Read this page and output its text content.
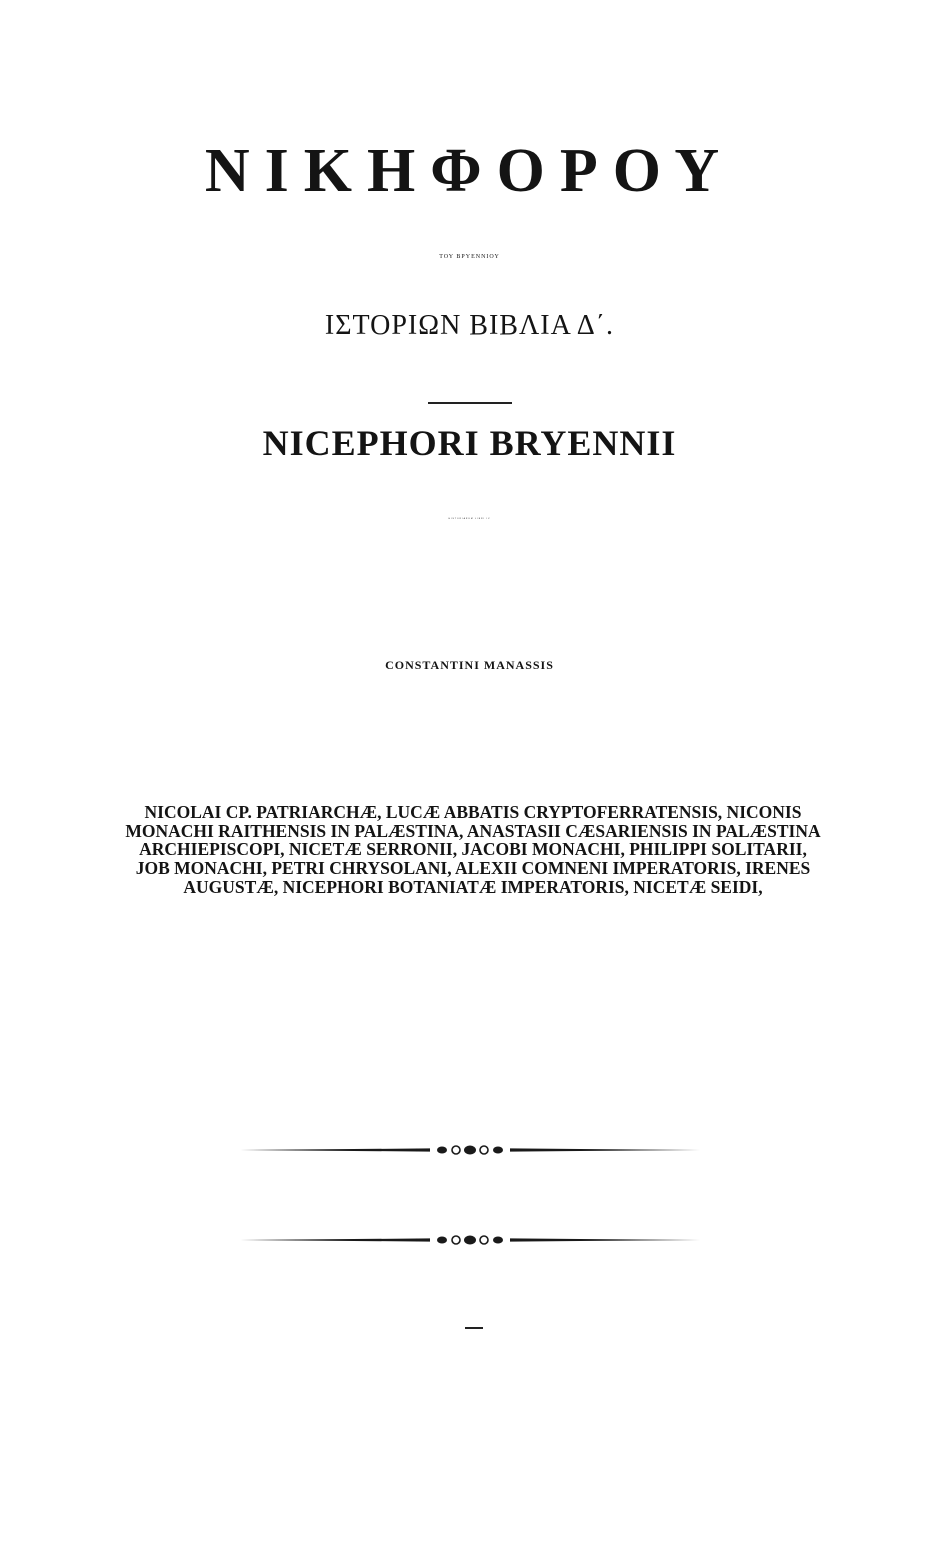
ΝΙΚΗΦΟΡΟΥ
ΤΟΥ ΒΡΥΕΝΝΙΟΥ
ΙΣΤΟΡΙΩΝ ΒΙΒΛΙΑ Δ΄.
NICEPHORI BRYENNII
HISTORIARUM LIBRI IV
CONSTANTINI MANASSIS
NICOLAI CP. PATRIARCHÆ, LUCÆ ABBATIS CRYPTOFERRATENSIS, NICONIS
MONACHI RAITHENSIS IN PALÆSTINA, ANASTASII CÆSARIENSIS IN PALÆSTINA
ARCHIEPISCOPI, NICETÆ SERRONII, JACOBI MONACHI, PHILIPPI SOLITARII,
JOB MONACHI, PETRI CHRYSOLANI, ALEXII COMNENI IMPERATORIS, IRENES
AUGUSTÆ, NICEPHORI BOTANIATÆ IMPERATORIS, NICETÆ SEIDI,
